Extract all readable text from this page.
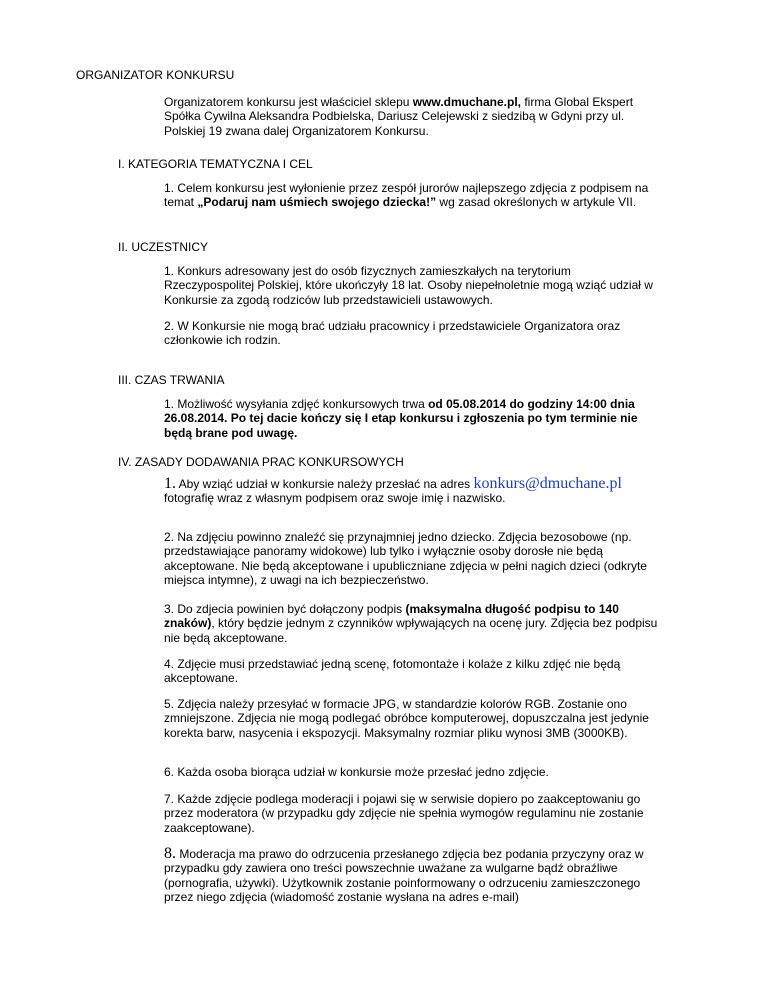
ORGANIZATOR KONKURSU

Organizatorem konkursu jest właściciel sklepu www.dmuchane.pl, firma Global Ekspert Spółka Cywilna Aleksandra Podbielska, Dariusz Celejewski z siedzibą w Gdyni przy ul. Polskiej 19 zwana dalej Organizatorem Konkursu.

I. KATEGORIA TEMATYCZNA I CEL

1. Celem konkursu jest wyłonienie przez zespół jurorów najlepszego zdjęcia z podpisem na temat „Podaruj nam uśmiech swojego dziecka!” wg zasad określonych w artykule VII.

II. UCZESTNICY

1. Konkurs adresowany jest do osób fizycznych zamieszkałych na terytorium Rzeczypospolitej Polskiej, które ukończyły 18 lat. Osoby niepełnoletnie mogą wziąć udział w Konkursie za zgodą rodziców lub przedstawicieli ustawowych.

2. W Konkursie nie mogą brać udziału pracownicy i przedstawiciele Organizatora oraz członkowie ich rodzin.

III. CZAS TRWANIA

1. Możliwość wysyłania zdjęć konkursowych trwa od 05.08.2014 do godziny 14:00 dnia 26.08.2014. Po tej dacie kończy się I etap konkursu i zgłoszenia po tym terminie nie będą brane pod uwagę.

IV. ZASADY DODAWANIA PRAC KONKURSOWYCH

1. Aby wziąć udział w konkursie należy przesłać na adres konkurs@dmuchane.pl fotografię wraz z własnym podpisem oraz swoje imię i nazwisko.

2. Na zdjęciu powinno znaleźć się przynajmniej jedno dziecko. Zdjęcia bezosobowe (np. przedstawiające panoramy widokowe) lub tylko i wyłącznie osoby dorosłe nie będą akceptowane. Nie będą akceptowane i upubliczniane zdjęcia w pełni nagich dzieci (odkryte miejsca intymne), z uwagi na ich bezpieczeństwo.

3. Do zdjecia powinien być dołączony podpis (maksymalna długość podpisu to 140 znaków), który będzie jednym z czynników wpływających na ocenę jury. Zdjęcia bez podpisu nie będą akceptowane.

4. Zdjęcie musi przedstawiać jedną scenę, fotomontaże i kolaże z kilku zdjęć nie będą akceptowane.

5. Zdjęcia należy przesyłać w formacie JPG, w standardzie kolorów RGB. Zostanie ono zmniejszone. Zdjęcia nie mogą podlegać obróbce komputerowej, dopuszczalna jest jedynie korekta barw, nasycenia i ekspozycji. Maksymalny rozmiar pliku wynosi 3MB (3000KB).

6. Każda osoba biorąca udział w konkursie może przesłać jedno zdjęcie.

7. Każde zdjęcie podlega moderacji i pojawi się w serwisie dopiero po zaakceptowaniu go przez moderatora (w przypadku gdy zdjęcie nie spełnia wymogów regulaminu nie zostanie zaakceptowane).

8. Moderacja ma prawo do odrzucenia przesłanego zdjęcia bez podania przyczyny oraz w przypadku gdy zawiera ono treści powszechnie uważane za wulgarne bądź obraźliwe (pornografia, używki). Użytkownik zostanie poinformowany o odrzuceniu zamieszczonego przez niego zdjęcia (wiadomość zostanie wysłana na adres e-mail)
